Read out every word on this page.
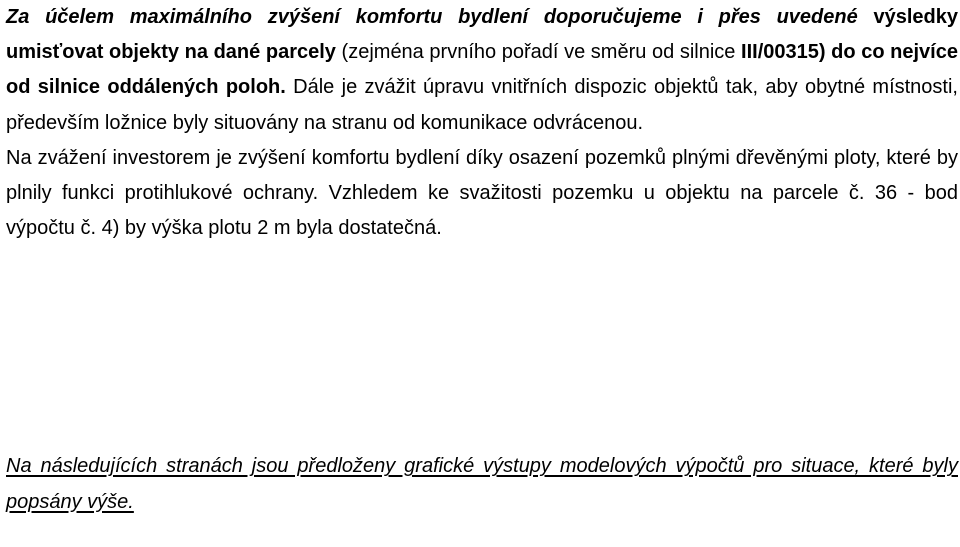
Za účelem maximálního zvýšení komfortu bydlení doporučujeme i přes uvedené výsledky umisťovat objekty na dané parcely (zejména prvního pořadí ve směru od silnice III/00315) do co nejvíce od silnice oddálených poloh. Dále je zvážit úpravu vnitřních dispozic objektů tak, aby obytné místnosti, především ložnice byly situovány na stranu od komunikace odvrácenou.

Na zvážení investorem je zvýšení komfortu bydlení díky osazení pozemků plnými dřevěnými ploty, které by plnily funkci protihlukové ochrany. Vzhledem ke svažitosti pozemku u objektu na parcele č. 36 - bod výpočtu č. 4) by výška plotu 2 m byla dostatečná.

Na následujících stranách jsou předloženy grafické výstupy modelových výpočtů pro situace, které byly popsány výše.
